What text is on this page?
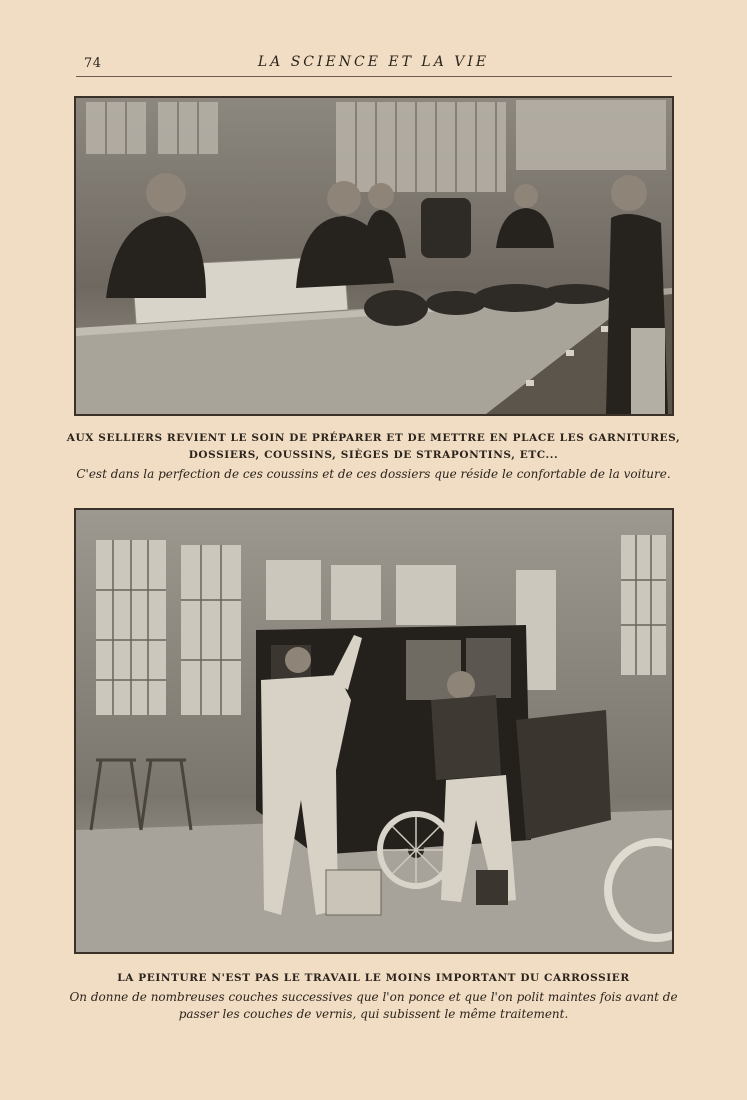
74	LA SCIENCE ET LA VIE
AUX SELLIERS REVIENT LE SOIN DE PRÉPARER ET DE METTRE EN PLACE LES GARNITURES, DOSSIERS, COUSSINS, SIÈGES DE STRAPONTINS, ETC...
C'est dans la perfection de ces coussins et de ces dossiers que réside le confortable de la voiture.
LA PEINTURE N'EST PAS LE TRAVAIL LE MOINS IMPORTANT DU CARROSSIER
On donne de nombreuses couches successives que l'on ponce et que l'on polit maintes fois avant de passer les couches de vernis, qui subissent le même traitement.
